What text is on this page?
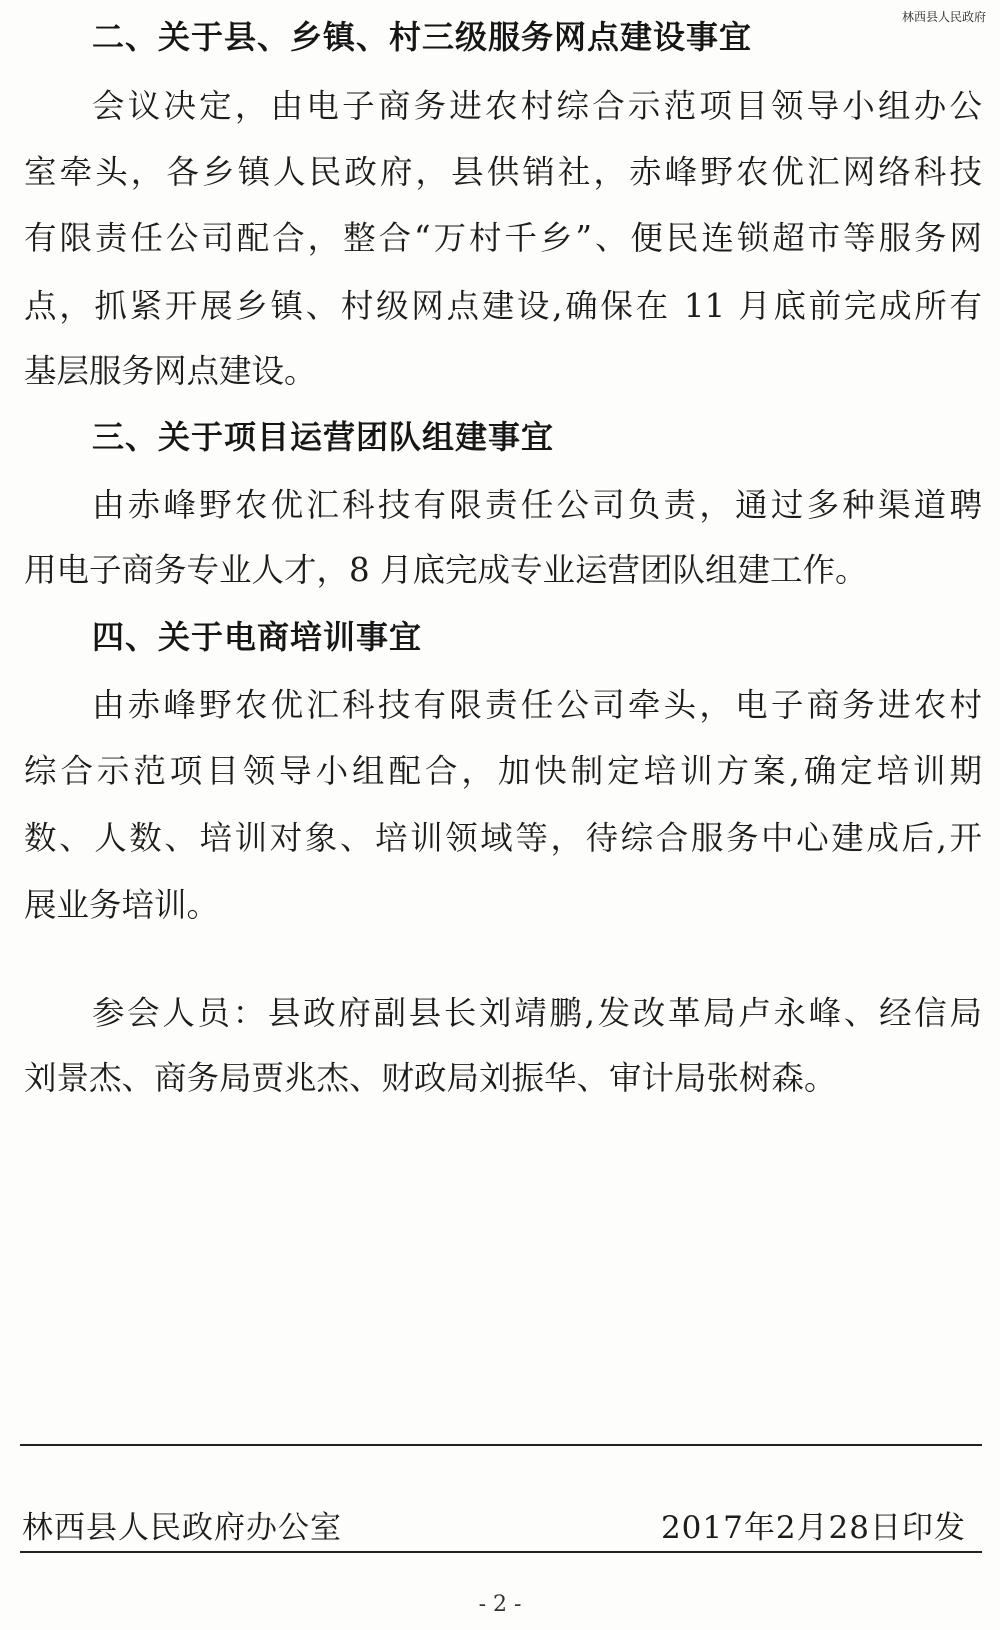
林西县人民政府
二、关于县、乡镇、村三级服务网点建设事宜
会议决定，由电子商务进农村综合示范项目领导小组办公
室牵头，各乡镇人民政府，县供销社，赤峰野农优汇网络科技
有限责任公司配合，整合“万村千乡”、便民连锁超市等服务网
点，抓紧开展乡镇、村级网点建设,确保在 11 月底前完成所有
基层服务网点建设。
三、关于项目运营团队组建事宜
由赤峰野农优汇科技有限责任公司负责，通过多种渠道聘
用电子商务专业人才，8 月底完成专业运营团队组建工作。
四、关于电商培训事宜
由赤峰野农优汇科技有限责任公司牵头，电子商务进农村
综合示范项目领导小组配合，加快制定培训方案,确定培训期
数、人数、培训对象、培训领域等，待综合服务中心建成后,开
展业务培训。
参会人员：县政府副县长刘靖鹏,发改革局卢永峰、经信局
刘景杰、商务局贾兆杰、财政局刘振华、审计局张树森。
林西县人民政府办公室	2017年2月28日印发
- 2 -
